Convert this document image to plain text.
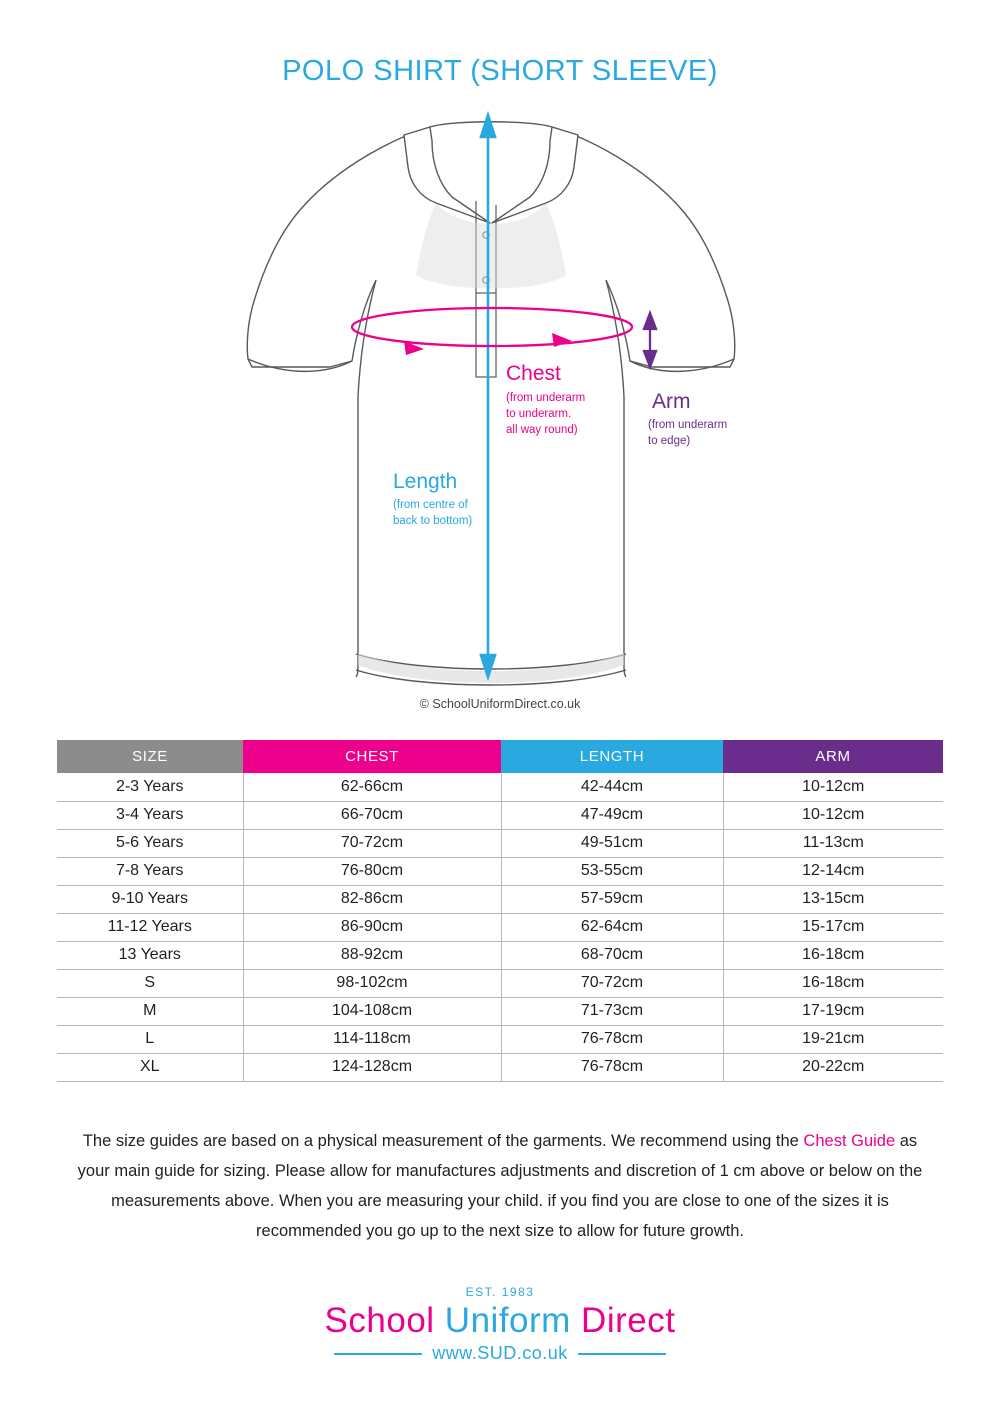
POLO SHIRT (SHORT SLEEVE)
Chest
(from underarm
to underarm.
all way round)
Arm
(from underarm
to edge)
Length
(from centre of
back to bottom)
© SchoolUniformDirect.co.uk
SIZE	CHEST	LENGTH	ARM
2-3 Years	62-66cm	42-44cm	10-12cm
3-4 Years	66-70cm	47-49cm	10-12cm
5-6 Years	70-72cm	49-51cm	11-13cm
7-8 Years	76-80cm	53-55cm	12-14cm
9-10 Years	82-86cm	57-59cm	13-15cm
11-12 Years	86-90cm	62-64cm	15-17cm
13 Years	88-92cm	68-70cm	16-18cm
S	98-102cm	70-72cm	16-18cm
M	104-108cm	71-73cm	17-19cm
L	114-118cm	76-78cm	19-21cm
XL	124-128cm	76-78cm	20-22cm
The size guides are based on a physical measurement of the garments. We recommend using the Chest Guide as your main guide for sizing. Please allow for manufactures adjustments and discretion of 1 cm above or below on the measurements above. When you are measuring your child. if you find you are close to one of the sizes it is recommended you go up to the next size to allow for future growth.
EST. 1983
School Uniform Direct
www.SUD.co.uk
